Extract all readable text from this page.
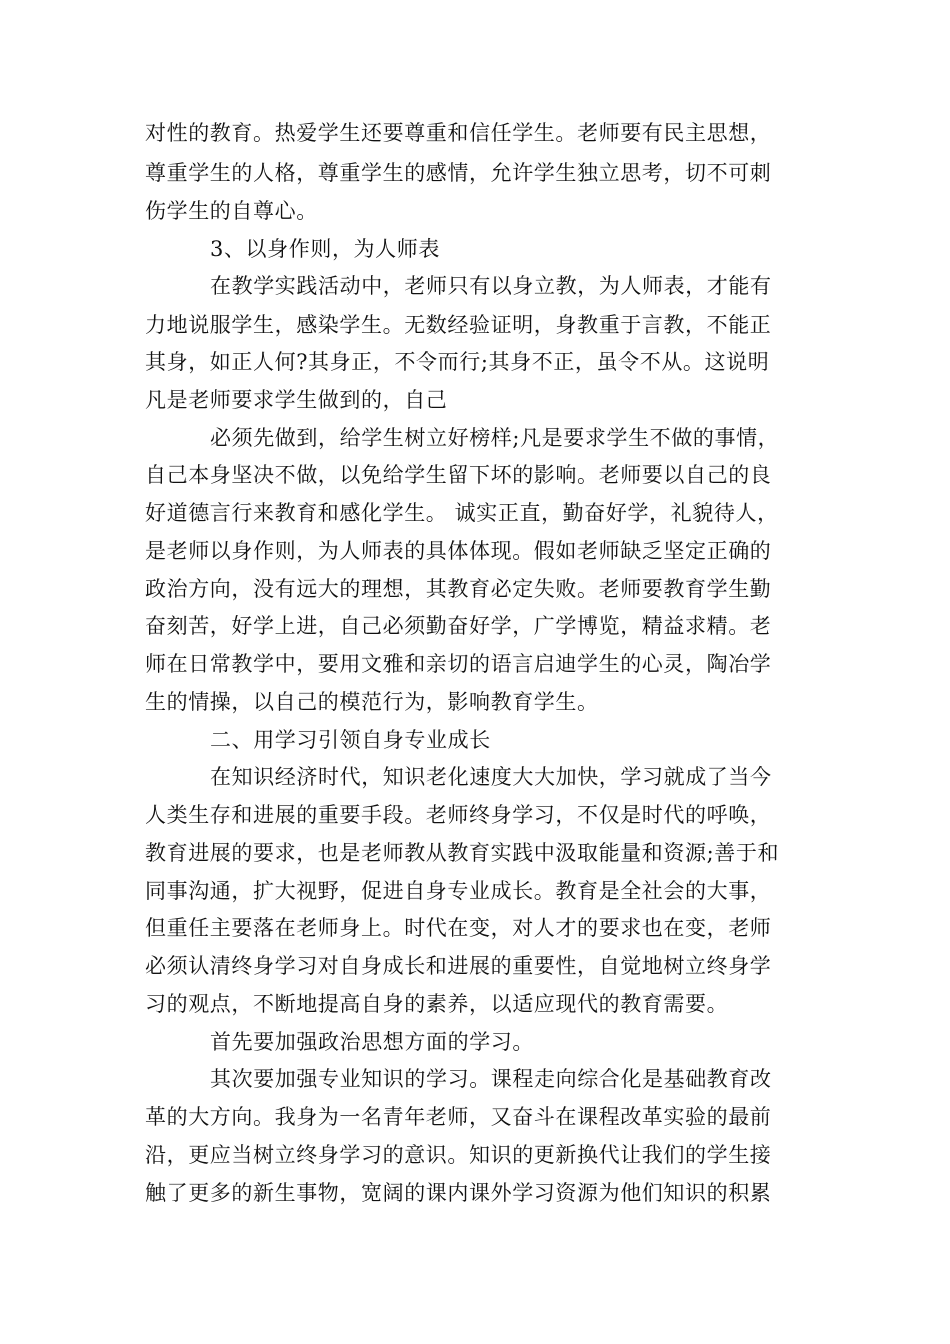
对性的教育。热爱学生还要尊重和信任学生。老师要有民主思想，
尊重学生的人格，尊重学生的感情，允许学生独立思考，切不可刺
伤学生的自尊心。
3、以身作则，为人师表
在教学实践活动中，老师只有以身立教，为人师表，才能有
力地说服学生，感染学生。无数经验证明，身教重于言教，不能正
其身，如正人何?其身正，不令而行;其身不正，虽令不从。这说明
凡是老师要求学生做到的，自己
必须先做到，给学生树立好榜样;凡是要求学生不做的事情，
自己本身坚决不做，以免给学生留下坏的影响。老师要以自己的良
好道德言行来教育和感化学生。 诚实正直，勤奋好学，礼貌待人，
是老师以身作则，为人师表的具体体现。假如老师缺乏坚定正确的
政治方向，没有远大的理想，其教育必定失败。老师要教育学生勤
奋刻苦，好学上进，自己必须勤奋好学，广学博览，精益求精。老
师在日常教学中，要用文雅和亲切的语言启迪学生的心灵，陶冶学
生的情操，以自己的模范行为，影响教育学生。
二、用学习引领自身专业成长
在知识经济时代，知识老化速度大大加快，学习就成了当今
人类生存和进展的重要手段。老师终身学习，不仅是时代的呼唤，
教育进展的要求，也是老师教从教育实践中汲取能量和资源;善于和
同事沟通，扩大视野，促进自身专业成长。教育是全社会的大事，
但重任主要落在老师身上。时代在变，对人才的要求也在变，老师
必须认清终身学习对自身成长和进展的重要性，自觉地树立终身学
习的观点，不断地提高自身的素养，以适应现代的教育需要。
首先要加强政治思想方面的学习。
其次要加强专业知识的学习。课程走向综合化是基础教育改
革的大方向。我身为一名青年老师，又奋斗在课程改革实验的最前
沿，更应当树立终身学习的意识。知识的更新换代让我们的学生接
触了更多的新生事物，宽阔的课内课外学习资源为他们知识的积累
